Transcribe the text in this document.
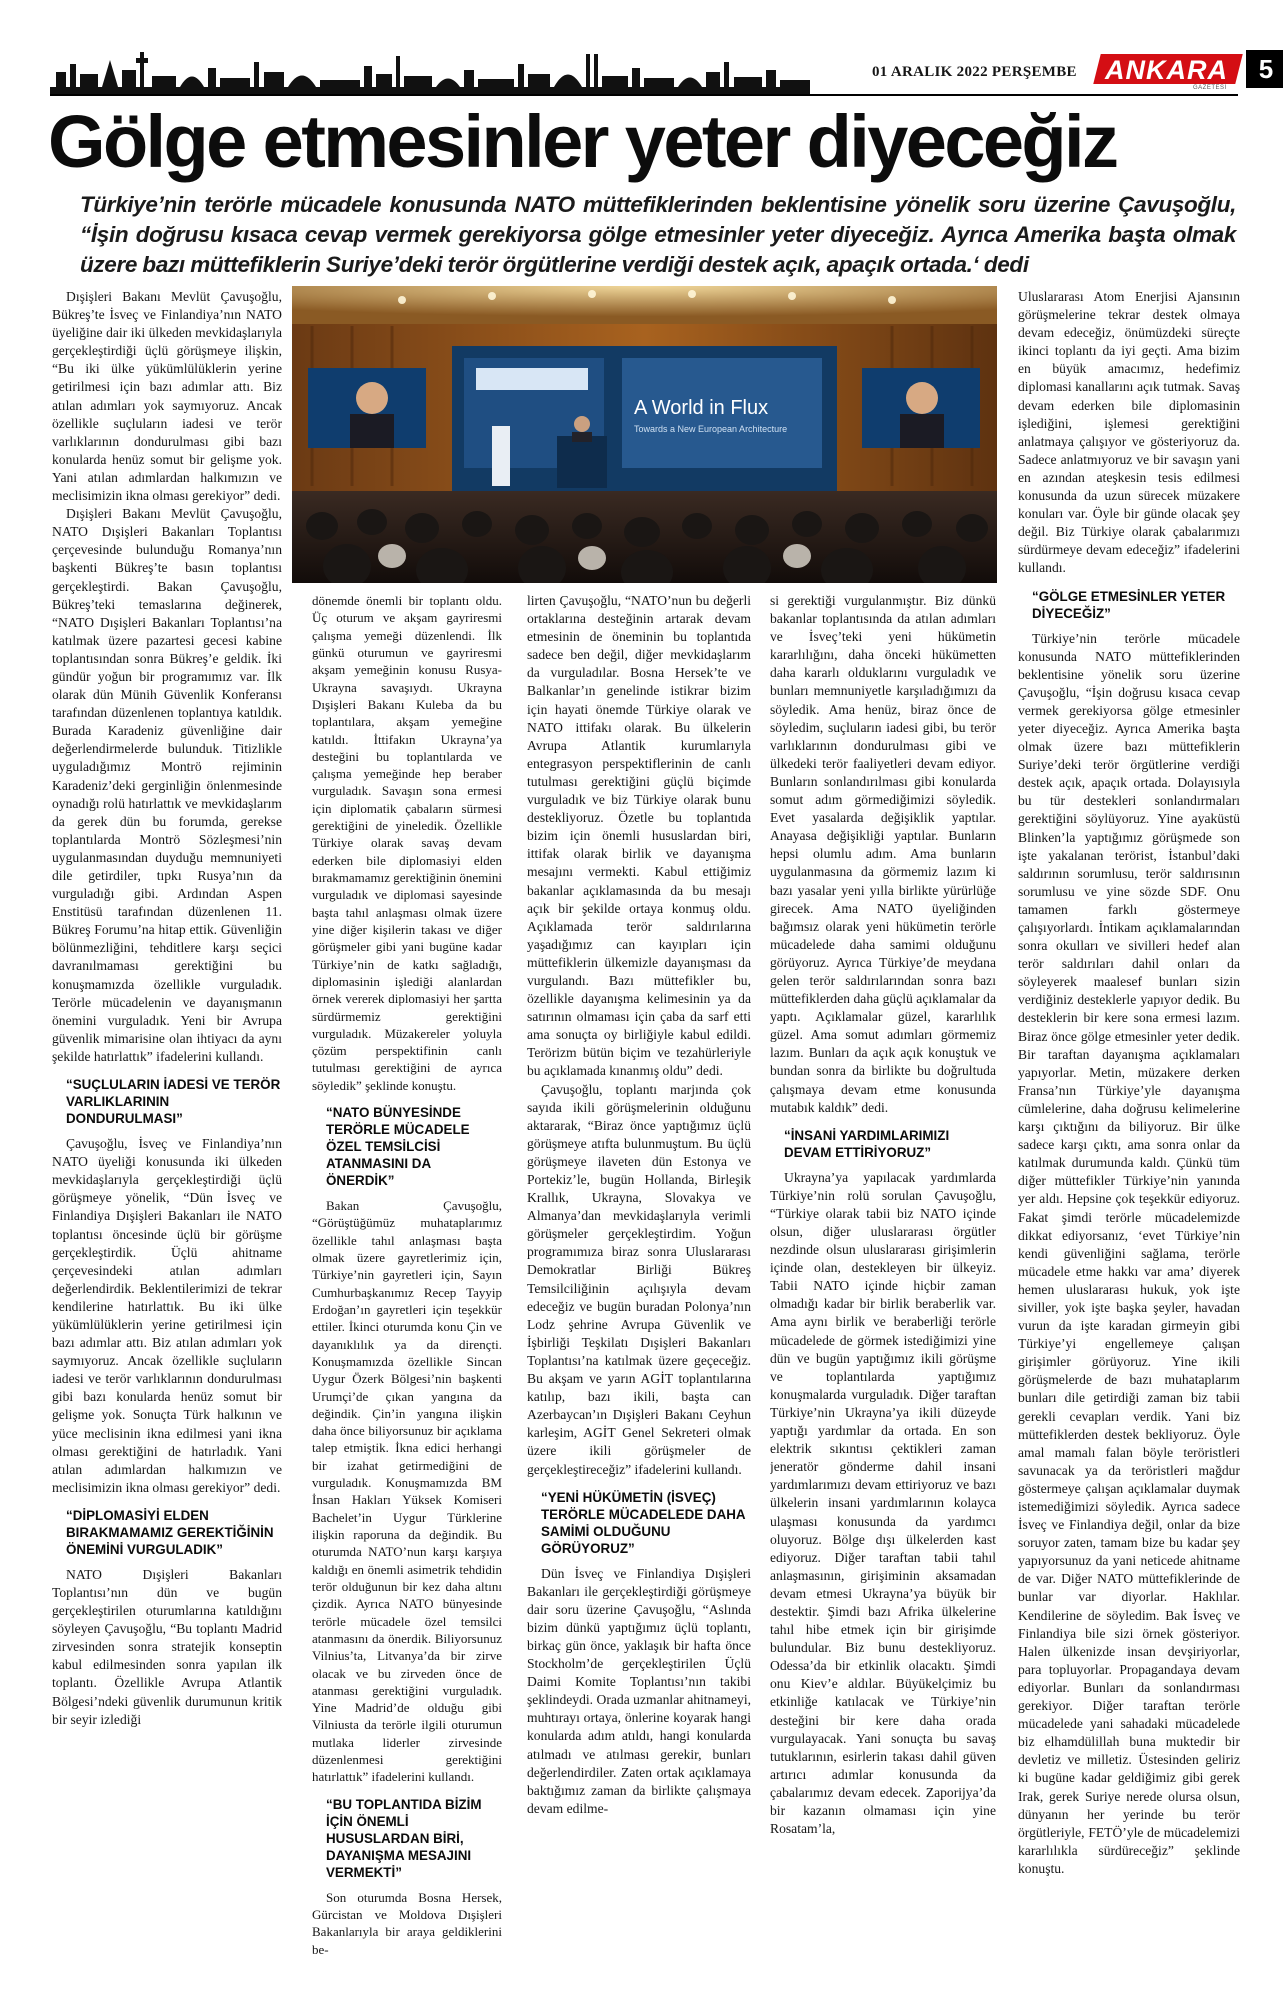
01 ARALIK 2022 PERŞEMBE ANKARA
GAZETESİ
5
Gölge etmesinler yeter diyeceğiz
Türkiye’nin terörle mücadele konusunda NATO müttefiklerinden beklentisine yönelik soru üzerine Çavuşoğlu, “İşin doğrusu kısaca cevap vermek gerekiyorsa gölge etmesinler yeter diyeceğiz. Ayrıca Amerika başta olmak üzere bazı müttefiklerin Suriye’deki terör örgütlerine verdiği destek açık, apaçık ortada.‘ dedi
A World in Flux
Towards a New European Architecture

Dışişleri Bakanı Mevlüt Çavuşoğlu, Bükreş’te İsveç ve Finlandiya’nın NATO üyeliğine dair iki ülkeden mevkidaşlarıyla gerçekleştirdiği üçlü görüşmeye ilişkin, “Bu iki ülke yükümlülüklerin yerine getirilmesi için bazı adımlar attı. Biz atılan adımları yok saymıyoruz. Ancak özellikle suçluların iadesi ve terör varlıklarının dondurulması gibi bazı konularda henüz somut bir gelişme yok. Yani atılan adımlardan halkımızın ve meclisimizin ikna olması gerekiyor” dedi.

Dışişleri Bakanı Mevlüt Çavuşoğlu, NATO Dışişleri Bakanları Toplantısı çerçevesinde bulunduğu Romanya’nın başkenti Bükreş’te basın toplantısı gerçekleştirdi. Bakan Çavuşoğlu, Bükreş’teki temaslarına değinerek, “NATO Dışişleri Bakanları Toplantısı’na katılmak üzere pazartesi gecesi kabine toplantısından sonra Bükreş’e geldik. İki gündür yoğun bir programımız var. İlk olarak dün Münih Güvenlik Konferansı tarafından düzenlenen toplantıya katıldık. Burada Karadeniz güvenliğine dair değerlendirmelerde bulunduk. Titizlikle uyguladığımız Montrö rejiminin Karadeniz’deki gerginliğin önlenmesinde oynadığı rolü hatırlattık ve mevkidaşlarım da gerek dün bu forumda, gerekse toplantılarda Montrö Sözleşmesi’nin uygulanmasından duyduğu memnuniyeti dile getirdiler, tıpkı Rusya’nın da vurguladığı gibi. Ardından Aspen Enstitüsü tarafından düzenlenen 11. Bükreş Forumu’na hitap ettik. Güvenliğin bölünmezliğini, tehditlere karşı seçici davranılmaması gerektiğini bu konuşmamızda özellikle vurguladık. Terörle mücadelenin ve dayanışmanın önemini vurguladık. Yeni bir Avrupa güvenlik mimarisine olan ihtiyacı da aynı şekilde hatırlattık” ifadelerini kullandı.

“SUÇLULARIN İADESİ VE TERÖR VARLIKLARININ DONDURULMASI”

Çavuşoğlu, İsveç ve Finlandiya’nın NATO üyeliği konusunda iki ülkeden mevkidaşlarıyla gerçekleştirdiği üçlü görüşmeye yönelik, “Dün İsveç ve Finlandiya Dışişleri Bakanları ile NATO toplantısı öncesinde üçlü bir görüşme gerçekleştirdik. Üçlü ahitname çerçevesindeki atılan adımları değerlendirdik. Beklentilerimizi de tekrar kendilerine hatırlattık. Bu iki ülke yükümlülüklerin yerine getirilmesi için bazı adımlar attı. Biz atılan adımları yok saymıyoruz. Ancak özellikle suçluların iadesi ve terör varlıklarının dondurulması gibi bazı konularda henüz somut bir gelişme yok. Sonuçta Türk halkının ve yüce meclisinin ikna edilmesi yani ikna olması gerektiğini de hatırladık. Yani atılan adımlardan halkımızın ve meclisimizin ikna olması gerekiyor” dedi.

“DİPLOMASİYİ ELDEN BIRAKMAMAMIZ GEREKTİĞİNİN ÖNEMİNİ VURGULADIK”

NATO Dışişleri Bakanları Toplantısı’nın dün ve bugün gerçekleştirilen oturumlarına katıldığını söyleyen Çavuşoğlu, “Bu toplantı Madrid zirvesinden sonra stratejik konseptin kabul edilmesinden sonra yapılan ilk toplantı. Özellikle Avrupa Atlantik Bölgesi’ndeki güvenlik durumunun kritik bir seyir izlediği

dönemde önemli bir toplantı oldu. Üç oturum ve akşam gayriresmi çalışma yemeği düzenlendi. İlk günkü oturumun ve gayriresmi akşam yemeğinin konusu Rusya-Ukrayna savaşıydı. Ukrayna Dışişleri Bakanı Kuleba da bu toplantılara, akşam yemeğine katıldı. İttifakın Ukrayna’ya desteğini bu toplantılarda ve çalışma yemeğinde hep beraber vurguladık. Savaşın sona ermesi için diplomatik çabaların sürmesi gerektiğini de yineledik. Özellikle Türkiye olarak savaş devam ederken bile diplomasiyi elden bırakmamamız gerektiğinin önemini vurguladık ve diplomasi sayesinde başta tahıl anlaşması olmak üzere yine diğer kişilerin takası ve diğer görüşmeler gibi yani bugüne kadar Türkiye’nin de katkı sağladığı, diplomasinin işlediği alanlardan örnek vererek diplomasiyi her şartta sürdürmemiz gerektiğini vurguladık. Müzakereler yoluyla çözüm perspektifinin canlı tutulması gerektiğini de ayrıca söyledik” şeklinde konuştu.

“NATO BÜNYESİNDE TERÖRLE MÜCADELE ÖZEL TEMSİLCİSİ ATANMASINI DA ÖNERDİK”

Bakan Çavuşoğlu, “Görüştüğümüz muhataplarımız özellikle tahıl anlaşması başta olmak üzere gayretlerimiz için, Türkiye’nin gayretleri için, Sayın Cumhurbaşkanımız Recep Tayyip Erdoğan’ın gayretleri için teşekkür ettiler. İkinci oturumda konu Çin ve dayanıklılık ya da dirençti. Konuşmamızda özellikle Sincan Uygur Özerk Bölgesi’nin başkenti Urumçi’de çıkan yangına da değindik. Çin’in yangına ilişkin daha önce biliyorsunuz bir açıklama talep etmiştik. İkna edici herhangi bir izahat getirmediğini de vurguladık. Konuşmamızda BM İnsan Hakları Yüksek Komiseri Bachelet’in Uygur Türklerine ilişkin raporuna da değindik. Bu oturumda NATO’nun karşı karşıya kaldığı en önemli asimetrik tehdidin terör olduğunun bir kez daha altını çizdik. Ayrıca NATO bünyesinde terörle mücadele özel temsilci atanmasını da önerdik. Biliyorsunuz Vilnius’ta, Litvanya’da bir zirve olacak ve bu zirveden önce de atanması gerektiğini vurguladık. Yine Madrid’de olduğu gibi Vilniusta da terörle ilgili oturumun mutlaka liderler zirvesinde düzenlenmesi gerektiğini hatırlattık” ifadelerini kullandı.

“BU TOPLANTIDA BİZİM İÇİN ÖNEMLİ HUSUSLARDAN BİRİ, DAYANIŞMA MESAJINI VERMEKTİ”

Son oturumda Bosna Hersek, Gürcistan ve Moldova Dışişleri Bakanlarıyla bir araya geldiklerini be-

lirten Çavuşoğlu, “NATO’nun bu değerli ortaklarına desteğinin artarak devam etmesinin de öneminin bu toplantıda sadece ben değil, diğer mevkidaşlarım da vurguladılar. Bosna Hersek’te ve Balkanlar’ın genelinde istikrar bizim için hayati önemde Türkiye olarak ve NATO ittifakı olarak. Bu ülkelerin Avrupa Atlantik kurumlarıyla entegrasyon perspektiflerinin de canlı tutulması gerektiğini güçlü biçimde vurguladık ve biz Türkiye olarak bunu destekliyoruz. Özetle bu toplantıda bizim için önemli hususlardan biri, ittifak olarak birlik ve dayanışma mesajını vermekti. Kabul ettiğimiz bakanlar açıklamasında da bu mesajı açık bir şekilde ortaya konmuş oldu. Açıklamada terör saldırılarına yaşadığımız can kayıpları için müttefiklerin ülkemizle dayanışması da vurgulandı. Bazı müttefikler bu, özellikle dayanışma kelimesinin ya da satırının olmaması için çaba da sarf etti ama sonuçta oy birliğiyle kabul edildi. Terörizm bütün biçim ve tezahürleriyle bu açıklamada kınanmış oldu” dedi.

Çavuşoğlu, toplantı marjında çok sayıda ikili görüşmelerinin olduğunu aktararak, “Biraz önce yaptığımız üçlü görüşmeye atıfta bulunmuştum. Bu üçlü görüşmeye ilaveten dün Estonya ve Portekiz’le, bugün Hollanda, Birleşik Krallık, Ukrayna, Slovakya ve Almanya’dan mevkidaşlarıyla verimli görüşmeler gerçekleştirdim. Yoğun programımıza biraz sonra Uluslararası Demokratlar Birliği Bükreş Temsilciliğinin açılışıyla devam edeceğiz ve bugün buradan Polonya’nın Lodz şehrine Avrupa Güvenlik ve İşbirliği Teşkilatı Dışişleri Bakanları Toplantısı’na katılmak üzere geçeceğiz. Bu akşam ve yarın AGİT toplantılarına katılıp, bazı ikili, başta can Azerbaycan’ın Dışişleri Bakanı Ceyhun karleşim, AGİT Genel Sekreteri olmak üzere ikili görüşmeler de gerçekleştireceğiz” ifadelerini kullandı.

“YENİ HÜKÜMETİN (İSVEÇ) TERÖRLE MÜCADELEDE DAHA SAMİMİ OLDUĞUNU GÖRÜYORUZ”

Dün İsveç ve Finlandiya Dışişleri Bakanları ile gerçekleştirdiği görüşmeye dair soru üzerine Çavuşoğlu, “Aslında bizim dünkü yaptığımız üçlü toplantı, birkaç gün önce, yaklaşık bir hafta önce Stockholm’de gerçekleştirilen Üçlü Daimi Komite Toplantısı’nın takibi şeklindeydi. Orada uzmanlar ahitnameyi, muhtırayı ortaya, önlerine koyarak hangi konularda adım atıldı, hangi konularda atılmadı ve atılması gerekir, bunları değerlendirdiler. Zaten ortak açıklamaya baktığımız zaman da birlikte çalışmaya devam edilme-

si gerektiği vurgulanmıştır. Biz dünkü bakanlar toplantısında da atılan adımları ve İsveç’teki yeni hükümetin kararlılığını, daha önceki hükümetten daha kararlı olduklarını vurguladık ve bunları memnuniyetle karşıladığımızı da söyledik. Ama henüz, biraz önce de söyledim, suçluların iadesi gibi, bu terör varlıklarının dondurulması gibi ve ülkedeki terör faaliyetleri devam ediyor. Bunların sonlandırılması gibi konularda somut adım görmediğimizi söyledik. Evet yasalarda değişiklik yaptılar. Anayasa değişikliği yaptılar. Bunların hepsi olumlu adım. Ama bunların uygulanmasına da görmemiz lazım ki bazı yasalar yeni yılla birlikte yürürlüğe girecek. Ama NATO üyeliğinden bağımsız olarak yeni hükümetin terörle mücadelede daha samimi olduğunu görüyoruz. Ayrıca Türkiye’de meydana gelen terör saldırılarından sonra bazı müttefiklerden daha güçlü açıklamalar da yaptı. Açıklamalar güzel, kararlılık güzel. Ama somut adımları görmemiz lazım. Bunları da açık açık konuştuk ve bundan sonra da birlikte bu doğrultuda çalışmaya devam etme konusunda mutabık kaldık” dedi.

“İNSANİ YARDIMLARIMIZI DEVAM ETTİRİYORUZ”

Ukrayna’ya yapılacak yardımlarda Türkiye’nin rolü sorulan Çavuşoğlu, “Türkiye olarak tabii biz NATO içinde olsun, diğer uluslararası örgütler nezdinde olsun uluslararası girişimlerin içinde olan, destekleyen bir ülkeyiz. Tabii NATO içinde hiçbir zaman olmadığı kadar bir birlik beraberlik var. Ama aynı birlik ve beraberliği terörle mücadelede de görmek istediğimizi yine dün ve bugün yaptığımız ikili görüşme ve toplantılarda yaptığımız konuşmalarda vurguladık. Diğer taraftan Türkiye’nin Ukrayna’ya ikili düzeyde yaptığı yardımlar da ortada. En son elektrik sıkıntısı çektikleri zaman jeneratör gönderme dahil insani yardımlarımızı devam ettiriyoruz ve bazı ülkelerin insani yardımlarının kolayca ulaşması konusunda da yardımcı oluyoruz. Bölge dışı ülkelerden kast ediyoruz. Diğer taraftan tabii tahıl anlaşmasının, girişiminin aksamadan devam etmesi Ukrayna’ya büyük bir destektir. Şimdi bazı Afrika ülkelerine tahıl hibe etmek için bir girişimde bulundular. Biz bunu destekliyoruz. Odessa’da bir etkinlik olacaktı. Şimdi onu Kiev’e aldılar. Büyükelçimiz bu etkinliğe katılacak ve Türkiye’nin desteğini bir kere daha orada vurgulayacak. Yani sonuçta bu savaş tutuklarının, esirlerin takası dahil güven artırıcı adımlar konusunda da çabalarımız devam edecek. Zaporijya’da bir kazanın olmaması için yine Rosatam’la,

Uluslararası Atom Enerjisi Ajansının görüşmelerine tekrar destek olmaya devam edeceğiz, önümüzdeki süreçte ikinci toplantı da iyi geçti. Ama bizim en büyük amacımız, hedefimiz diplomasi kanallarını açık tutmak. Savaş devam ederken bile diplomasinin işlediğini, işlemesi gerektiğini anlatmaya çalışıyor ve gösteriyoruz da. Sadece anlatmıyoruz ve bir savaşın yani en azından ateşkesin tesis edilmesi konusunda da uzun sürecek müzakere konuları var. Öyle bir günde olacak şey değil. Biz Türkiye olarak çabalarımızı sürdürmeye devam edeceğiz” ifadelerini kullandı.

“GÖLGE ETMESİNLER YETER DİYECEĞİZ”

Türkiye’nin terörle mücadele konusunda NATO müttefiklerinden beklentisine yönelik soru üzerine Çavuşoğlu, “İşin doğrusu kısaca cevap vermek gerekiyorsa gölge etmesinler yeter diyeceğiz. Ayrıca Amerika başta olmak üzere bazı müttefiklerin Suriye’deki terör örgütlerine verdiği destek açık, apaçık ortada. Dolayısıyla bu tür destekleri sonlandırmaları gerektiğini söylüyoruz. Yine ayaküstü Blinken’la yaptığımız görüşmede son işte yakalanan terörist, İstanbul’daki saldırının sorumlusu, terör saldırısının sorumlusu ve yine sözde SDF. Onu tamamen farklı göstermeye çalışıyorlardı. İntikam açıklamalarından sonra okulları ve sivilleri hedef alan terör saldırıları dahil onları da söyleyerek maalesef bunları sizin verdiğiniz desteklerle yapıyor dedik. Bu desteklerin bir kere sona ermesi lazım. Biraz önce gölge etmesinler yeter dedik. Bir taraftan dayanışma açıklamaları yapıyorlar. Metin, müzakere derken Fransa’nın Türkiye’yle dayanışma cümlelerine, daha doğrusu kelimelerine karşı çıktığını da biliyoruz. Bir ülke sadece karşı çıktı, ama sonra onlar da katılmak durumunda kaldı. Çünkü tüm diğer müttefikler Türkiye’nin yanında yer aldı. Hepsine çok teşekkür ediyoruz. Fakat şimdi terörle mücadelemizde dikkat ediyorsanız, ‘evet Türkiye’nin kendi güvenliğini sağlama, terörle mücadele etme hakkı var ama’ diyerek hemen uluslararası hukuk, yok işte siviller, yok işte başka şeyler, havadan vurun da işte karadan girmeyin gibi Türkiye’yi engellemeye çalışan girişimler görüyoruz. Yine ikili görüşmelerde de bazı muhataplarım bunları dile getirdiği zaman biz tabii gerekli cevapları verdik. Yani biz müttefiklerden destek bekliyoruz. Öyle amal mamalı falan böyle teröristleri savunacak ya da teröristleri mağdur göstermeye çalışan açıklamalar duymak istemediğimizi söyledik. Ayrıca sadece İsveç ve Finlandiya değil, onlar da bize soruyor zaten, tamam bize bu kadar şey yapıyorsunuz da yani neticede ahitname de var. Diğer NATO müttefiklerinde de bunlar var diyorlar. Haklılar. Kendilerine de söyledim. Bak İsveç ve Finlandiya bile sizi örnek gösteriyor. Halen ülkenizde insan devşiriyorlar, para topluyorlar. Propagandaya devam ediyorlar. Bunları da sonlandırması gerekiyor. Diğer taraftan terörle mücadelede yani sahadaki mücadelede biz elhamdülillah buna muktedir bir devletiz ve milletiz. Üstesinden geliriz ki bugüne kadar geldiğimiz gibi gerek Irak, gerek Suriye nerede olursa olsun, dünyanın her yerinde bu terör örgütleriyle, FETÖ’yle de mücadelemizi kararlılıkla sürdüreceğiz” şeklinde konuştu.
